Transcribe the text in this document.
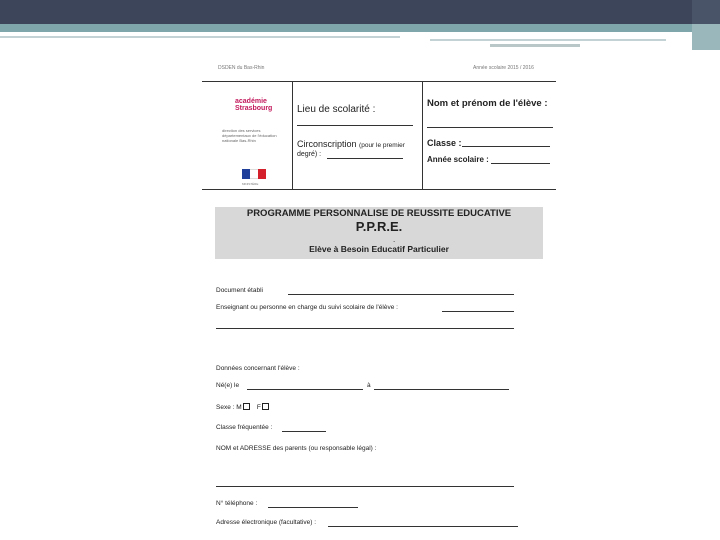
DSDEN du Bas-Rhin	Année scolaire 2015 / 2016
académie Strasbourg
direction des services départementaux de l'éducation nationale Bas-Rhin
MINISTÈRE
Lieu de scolarité :
Circonscription (pour le premier
degré) :
Nom et prénom de l'élève :
Classe :
Année scolaire :
PROGRAMME PERSONNALISE DE REUSSITE EDUCATIVE
P.P.R.E.
.
Elève à Besoin Educatif Particulier
Document établi
Enseignant ou personne en charge du suivi scolaire de l'élève :
Données concernant l'élève :
Né(e) le	à
Sexe : M F
Classe fréquentée :
NOM et ADRESSE des parents (ou responsable légal) :
N° téléphone :
Adresse électronique (facultative) :
